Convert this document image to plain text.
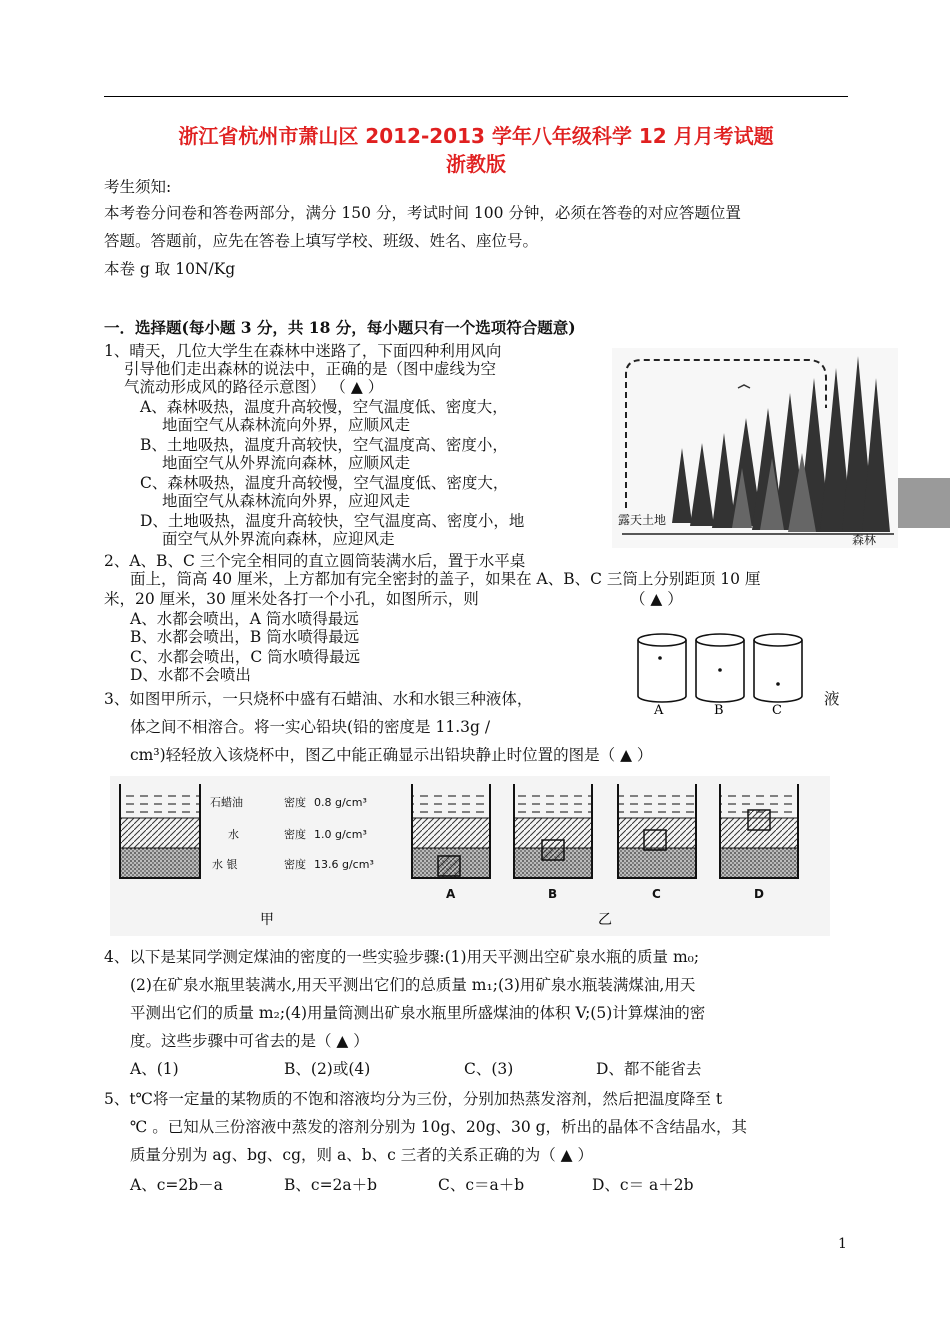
浙江省杭州市萧山区 2012-2013 学年八年级科学 12 月月考试题
浙教版
考生须知:
本考卷分问卷和答卷两部分，满分 150 分，考试时间 100 分钟，必须在答卷的对应答题位置
答题。答题前，应先在答卷上填写学校、班级、姓名、座位号。
本卷 g 取 10N/Kg
一．选择题(每小题 3 分，共 18 分，每小题只有一个选项符合题意)
1、晴天，几位大学生在森林中迷路了，下面四种利用风向
引导他们走出森林的说法中，正确的是（图中虚线为空
气流动形成风的路径示意图） （ ▲ ）
A、森林吸热，温度升高较慢，空气温度低、密度大，
地面空气从森林流向外界，应顺风走
B、土地吸热，温度升高较快，空气温度高、密度小，
地面空气从外界流向森林，应顺风走
C、森林吸热，温度升高较慢，空气温度低、密度大，
地面空气从森林流向外界，应迎风走
D、土地吸热，温度升高较快，空气温度高、密度小，地
面空气从外界流向森林，应迎风走
露天土地
森林
2、A、B、C 三个完全相同的直立圆筒装满水后，置于水平桌
面上，筒高 40 厘米，上方都加有完全密封的盖子，如果在 A、B、C 三筒上分别距顶 10 厘
米，20 厘米，30 厘米处各打一个小孔，如图所示，则	（ ▲ ）
A、水都会喷出，A 筒水喷得最远
B、水都会喷出，B 筒水喷得最远
C、水都会喷出，C 筒水喷得最远
D、水都不会喷出
A	B	C
3、如图甲所示，一只烧杯中盛有石蜡油、水和水银三种液体，	液
体之间不相溶合。将一实心铅块(铅的密度是 11.3g /
cm³)轻轻放入该烧杯中，图乙中能正确显示出铅块静止时位置的图是（ ▲ ）
石蜡油	密度 0.8 g/cm³
水	密度 1.0 g/cm³
水 银	密度 13.6 g/cm³
A	B	C	D
甲	乙
4、以下是某同学测定煤油的密度的一些实验步骤:(1)用天平测出空矿泉水瓶的质量 m₀;
(2)在矿泉水瓶里装满水,用天平测出它们的总质量 m₁;(3)用矿泉水瓶装满煤油,用天
平测出它们的质量 m₂;(4)用量筒测出矿泉水瓶里所盛煤油的体积 V;(5)计算煤油的密
度。这些步骤中可省去的是（ ▲ ）
A、(1)	B、(2)或(4)	C、(3)	D、都不能省去
5、t℃将一定量的某物质的不饱和溶液均分为三份，分别加热蒸发溶剂，然后把温度降至 t
℃ 。已知从三份溶液中蒸发的溶剂分别为 10g、20g、30 g，析出的晶体不含结晶水，其
质量分别为 ag、bg、cg，则 a、b、c 三者的关系正确的为（ ▲ ）
A、c=2b－a	B、c=2a＋b	C、c＝a＋b	D、c＝ a＋2b
1
